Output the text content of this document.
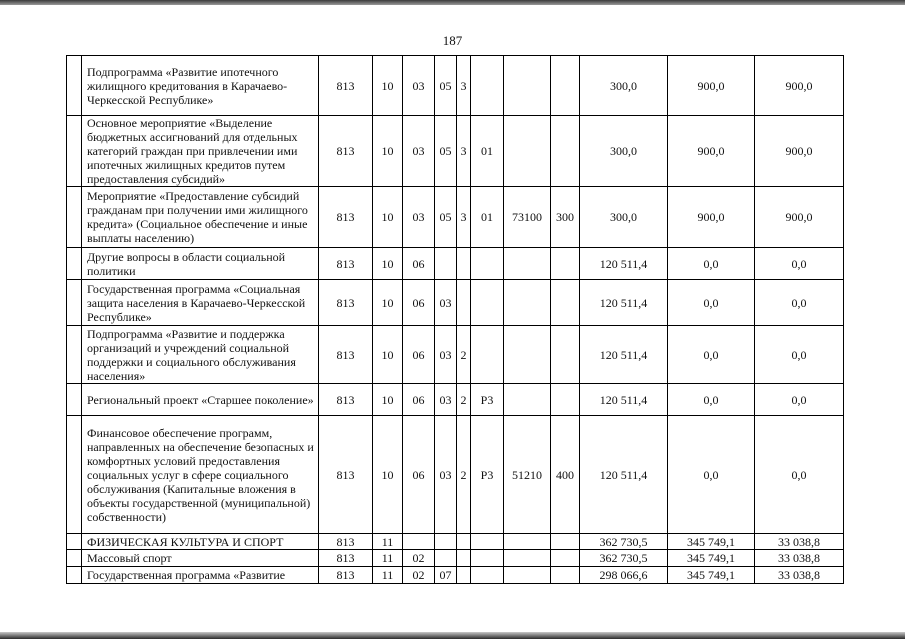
187
	Подпрограмма «Развитие ипотечного жилищного кредитования в Карачаево-Черкесской Республике»	813	10	03	05	3				300,0	900,0	900,0
	Основное мероприятие «Выделение бюджетных ассигнований для отдельных категорий граждан при привлечении ими ипотечных жилищных кредитов путем предоставления субсидий»	813	10	03	05	3	01			300,0	900,0	900,0
	Мероприятие «Предоставление субсидий гражданам при получении ими жилищного кредита» (Социальное обеспечение и иные выплаты населению)	813	10	03	05	3	01	73100	300	300,0	900,0	900,0
	Другие вопросы в области социальной политики	813	10	06						120 511,4	0,0	0,0
	Государственная программа «Социальная защита населения в Карачаево-Черкесской Республике»	813	10	06	03					120 511,4	0,0	0,0
	Подпрограмма «Развитие и поддержка организаций и учреждений социальной поддержки и социального обслуживания населения»	813	10	06	03	2				120 511,4	0,0	0,0
	Региональный проект «Старшее поколение»	813	10	06	03	2	P3			120 511,4	0,0	0,0
	Финансовое обеспечение программ, направленных на обеспечение безопасных и комфортных условий предоставления социальных услуг в сфере социального обслуживания (Капитальные вложения в объекты государственной (муниципальной) собственности)	813	10	06	03	2	P3	51210	400	120 511,4	0,0	0,0
	ФИЗИЧЕСКАЯ КУЛЬТУРА И СПОРТ	813	11							362 730,5	345 749,1	33 038,8
	Массовый спорт	813	11	02						362 730,5	345 749,1	33 038,8
	Государственная программа «Развитие	813	11	02	07					298 066,6	345 749,1	33 038,8
